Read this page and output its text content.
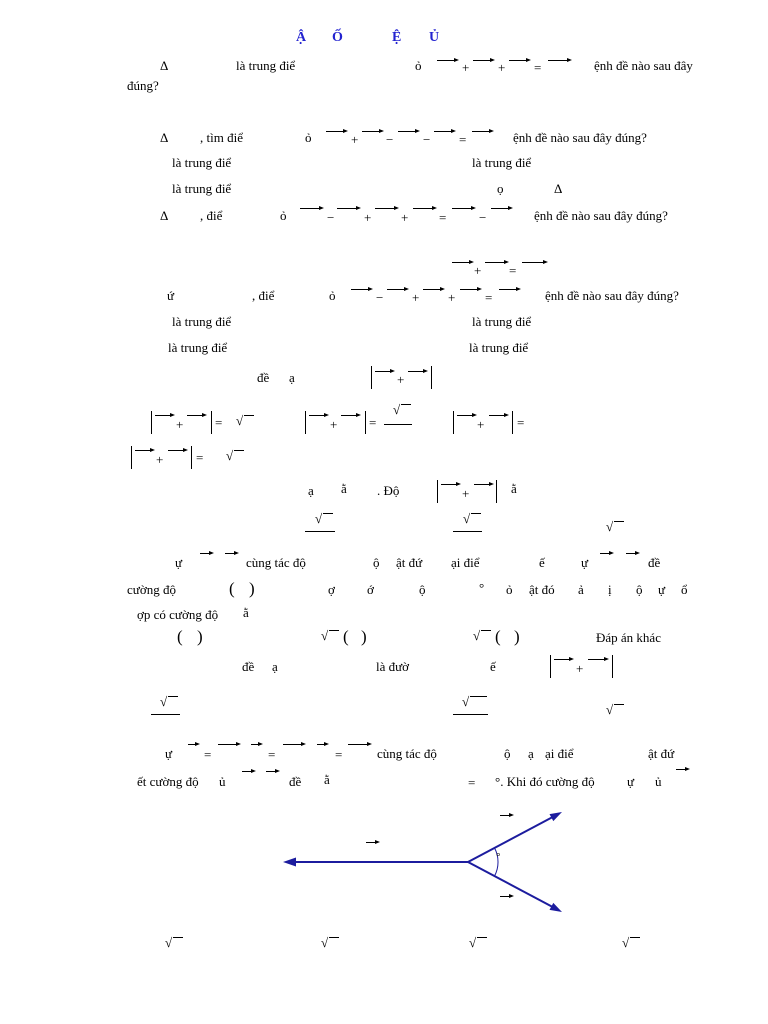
Ậ Ố	Ệ Ủ
Δ	là trung điể	ỏ	+ + =	ệnh đề nào sau đây
đúng?
Δ , tìm điể	ỏ	+ − − =	ệnh đề nào sau đây đúng?
là trung điể	là trung điể
là trung điể	ọ	Δ
Δ , điể	ỏ	− + + =	−	ệnh đề nào sau đây đúng?
+ =
ứ	, điể	ỏ	− + + =	ệnh đề nào sau đây đúng?
là trung điể	là trung điể
là trung điể	là trung điể
đề ạ	+
+ = √	+ =
√
+	=
+	= √
ạ ằ . Độ	+	ằ
√	√
√
ự	cùng tác độ	ộ ật đứ ại điể	ế	ự	đề
cường độ	( )	ợ ớ	ộ	° ỏ ật đó ả ị ộ ự ổ
ợp có cường độ ằ
( )	√ ( )	√ ( )	Đáp án khác
đề ạ	là đườ	ế	+
√	√
√
ự =	=	=	cùng tác độ	ộ ạ ại điể	ật đứ
ết cường độ ủ	đề ằ	= °. Khi đó cường độ ự ủ
°
√	√	√	√
